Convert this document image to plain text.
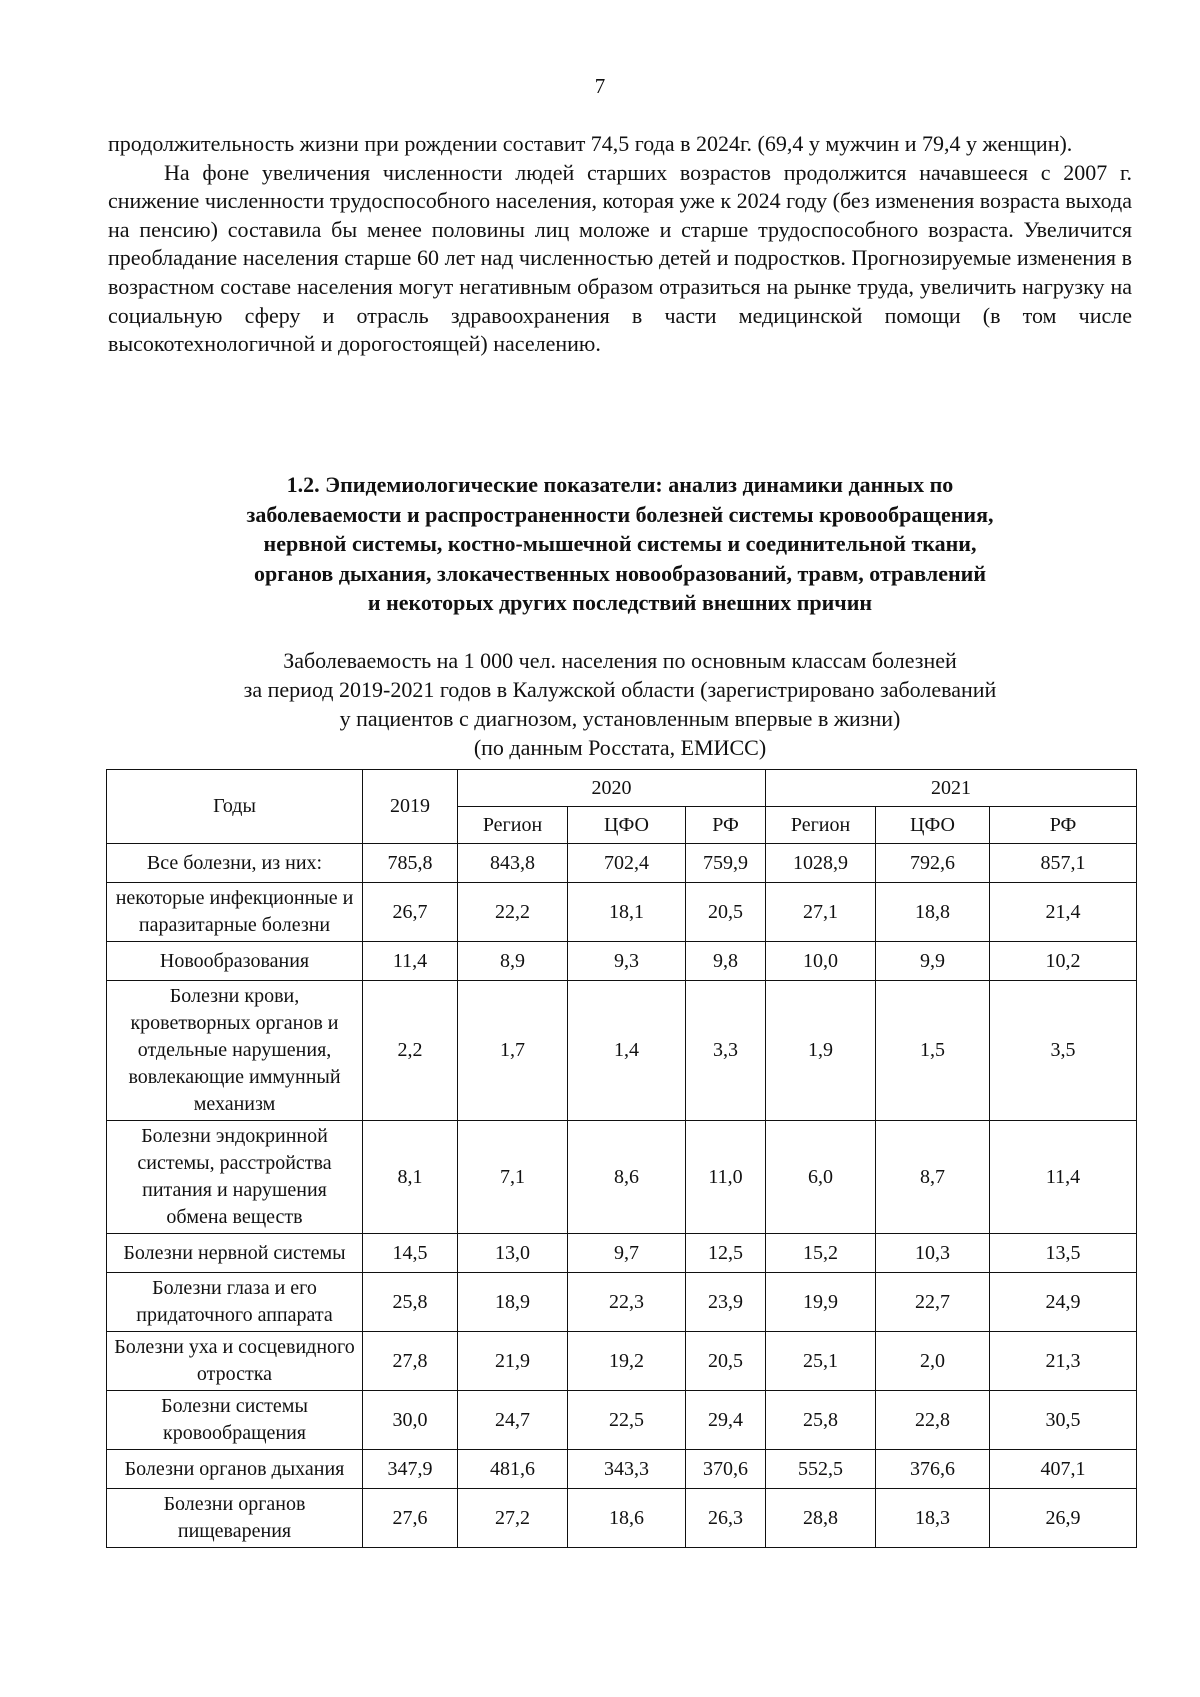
7

продолжительность жизни при рождении составит 74,5 года в 2024г. (69,4 у мужчин и 79,4 у женщин).

На фоне увеличения численности людей старших возрастов продолжится начавшееся с 2007 г. снижение численности трудоспособного населения, которая уже к 2024 году (без изменения возраста выхода на пенсию) составила бы менее половины лиц моложе и старше трудоспособного возраста. Увеличится преобладание населения старше 60 лет над численностью детей и подростков. Прогнозируемые изменения в возрастном составе населения могут негативным образом отразиться на рынке труда, увеличить нагрузку на социальную сферу и отрасль здравоохранения в части медицинской помощи (в том числе высокотехнологичной и дорогостоящей) населению.

1.2. Эпидемиологические показатели: анализ динамики данных по
заболеваемости и распространенности болезней системы кровообращения,
нервной системы, костно-мышечной системы и соединительной ткани,
органов дыхания, злокачественных новообразований, травм, отравлений
и некоторых других последствий внешних причин
Заболеваемость на 1 000 чел. населения по основным классам болезней
за период 2019-2021 годов в Калужской области (зарегистрировано заболеваний
у пациентов с диагнозом, установленным впервые в жизни)
(по данным Росстата, ЕМИСС)
Годы	2019	2020			2021		
		Регион	ЦФО	РФ	Регион	ЦФО	РФ
Все болезни, из них:	785,8	843,8	702,4	759,9	1028,9	792,6	857,1
некоторые инфекционные и паразитарные болезни	26,7	22,2	18,1	20,5	27,1	18,8	21,4
Новообразования	11,4	8,9	9,3	9,8	10,0	9,9	10,2
Болезни крови, кроветворных органов и отдельные нарушения, вовлекающие иммунный механизм	2,2	1,7	1,4	3,3	1,9	1,5	3,5
Болезни эндокринной системы, расстройства питания и нарушения обмена веществ	8,1	7,1	8,6	11,0	6,0	8,7	11,4
Болезни нервной системы	14,5	13,0	9,7	12,5	15,2	10,3	13,5
Болезни глаза и его придаточного аппарата	25,8	18,9	22,3	23,9	19,9	22,7	24,9
Болезни уха и сосцевидного отростка	27,8	21,9	19,2	20,5	25,1	2,0	21,3
Болезни системы кровообращения	30,0	24,7	22,5	29,4	25,8	22,8	30,5
Болезни органов дыхания	347,9	481,6	343,3	370,6	552,5	376,6	407,1
Болезни органов пищеварения	27,6	27,2	18,6	26,3	28,8	18,3	26,9
